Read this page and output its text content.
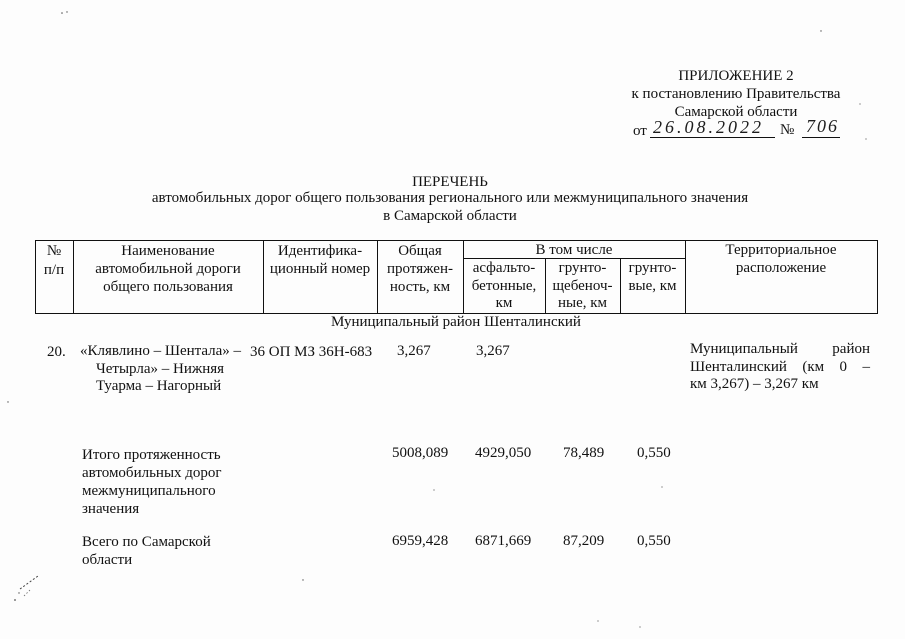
ПРИЛОЖЕНИЕ 2
к постановлению Правительства
Самарской области
от 26.08.2022 № 706
ПЕРЕЧЕНЬ
автомобильных дорог общего пользования регионального или межмуниципального значения
в Самарской области
№
п/п
Наименование
автомобильной дороги
общего пользования
Идентифика-
ционный номер
Общая
протяжен-
ность, км
В том числе
асфальто-
бетонные,
км
грунто-
щебеноч-
ные, км
грунто-
вые, км
Территориальное
расположение
Муниципальный район Шенталинский
20. «Клявлино – Шентала» –
Четырла» – Нижняя
Туарма – Нагорный
36 ОП МЗ 36Н-683 3,267	3,267	Муниципальный район
Шенталинский (км 0 –
км 3,267) – 3,267 км
Итого протяженность
автомобильных дорог
межмуниципального
значения
5008,089 4929,050 78,489 0,550
Всего по Самарской
области
6959,428 6871,669 87,209 0,550
